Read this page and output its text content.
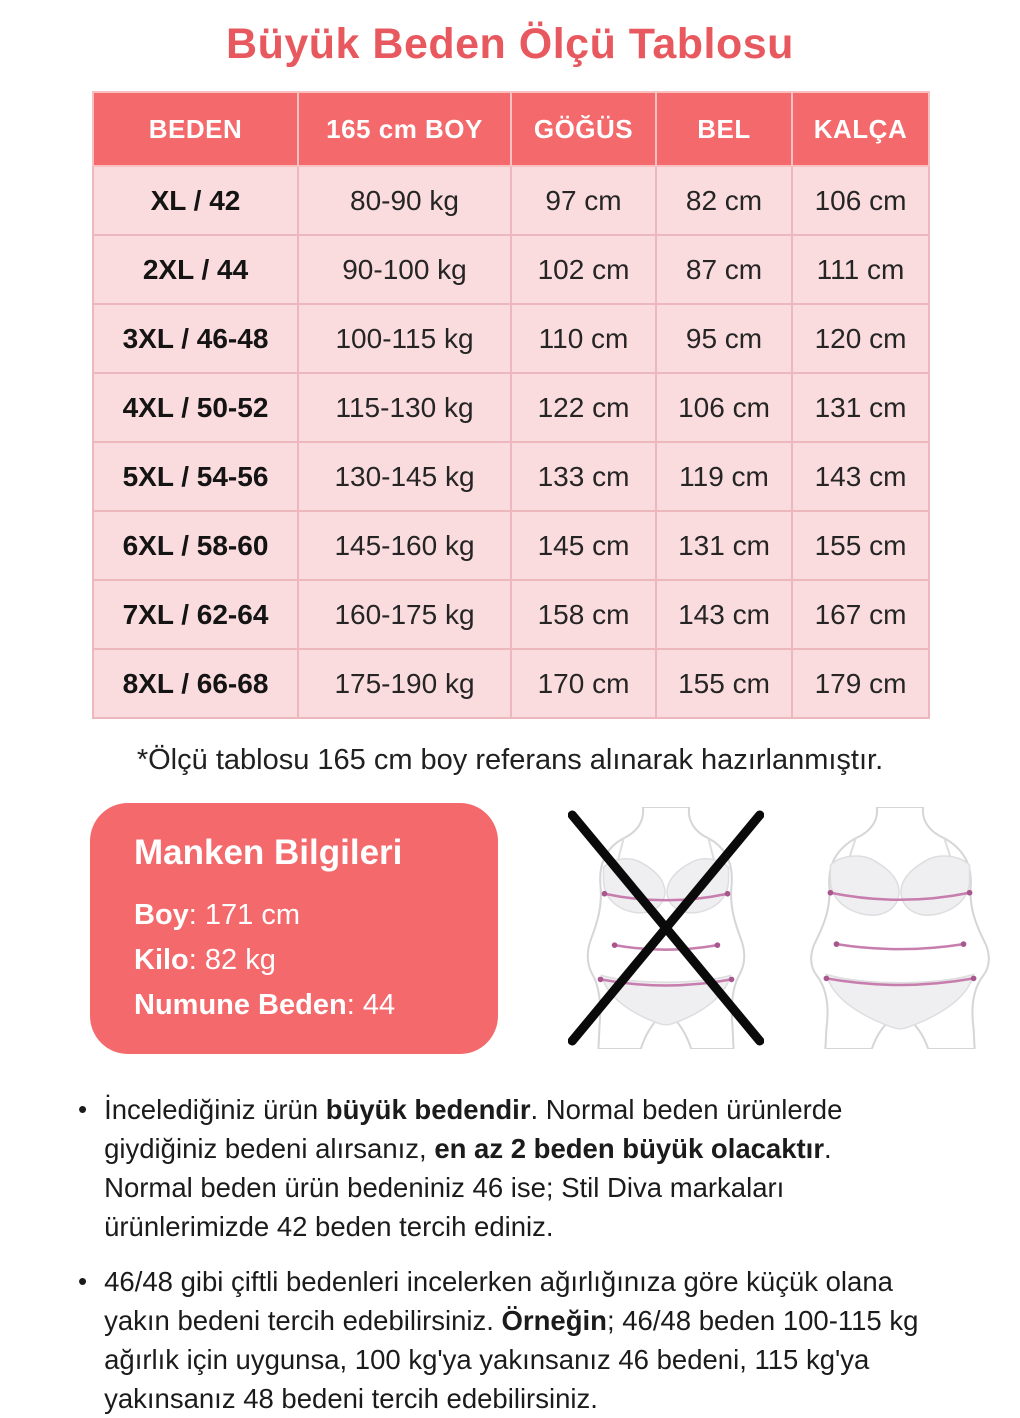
Büyük Beden Ölçü Tablosu
BEDEN	165 cm BOY	GÖĞÜS	BEL	KALÇA
XL / 42	80-90 kg	97 cm	82 cm	106 cm
2XL / 44	90-100 kg	102 cm	87 cm	111 cm
3XL / 46-48	100-115 kg	110 cm	95 cm	120 cm
4XL / 50-52	115-130 kg	122 cm	106 cm	131 cm
5XL / 54-56	130-145 kg	133 cm	119 cm	143 cm
6XL / 58-60	145-160 kg	145 cm	131 cm	155 cm
7XL / 62-64	160-175 kg	158 cm	143 cm	167 cm
8XL / 66-68	175-190 kg	170 cm	155 cm	179 cm

*Ölçü tablosu 165 cm boy referans alınarak hazırlanmıştır.

Manken Bilgileri
Boy: 171 cm
Kilo: 82 kg
Numune Beden: 44
• İncelediğiniz ürün büyük bedendir. Normal beden ürünlerde giydiğiniz bedeni alırsanız, en az 2 beden büyük olacaktır. Normal beden ürün bedeniniz 46 ise; Stil Diva markaları ürünlerimizde 42 beden tercih ediniz.
• 46/48 gibi çiftli bedenleri incelerken ağırlığınıza göre küçük olana yakın bedeni tercih edebilirsiniz. Örneğin; 46/48 beden 100-115 kg ağırlık için uygunsa, 100 kg'ya yakınsanız 46 bedeni, 115 kg'ya yakınsanız 48 bedeni tercih edebilirsiniz.
